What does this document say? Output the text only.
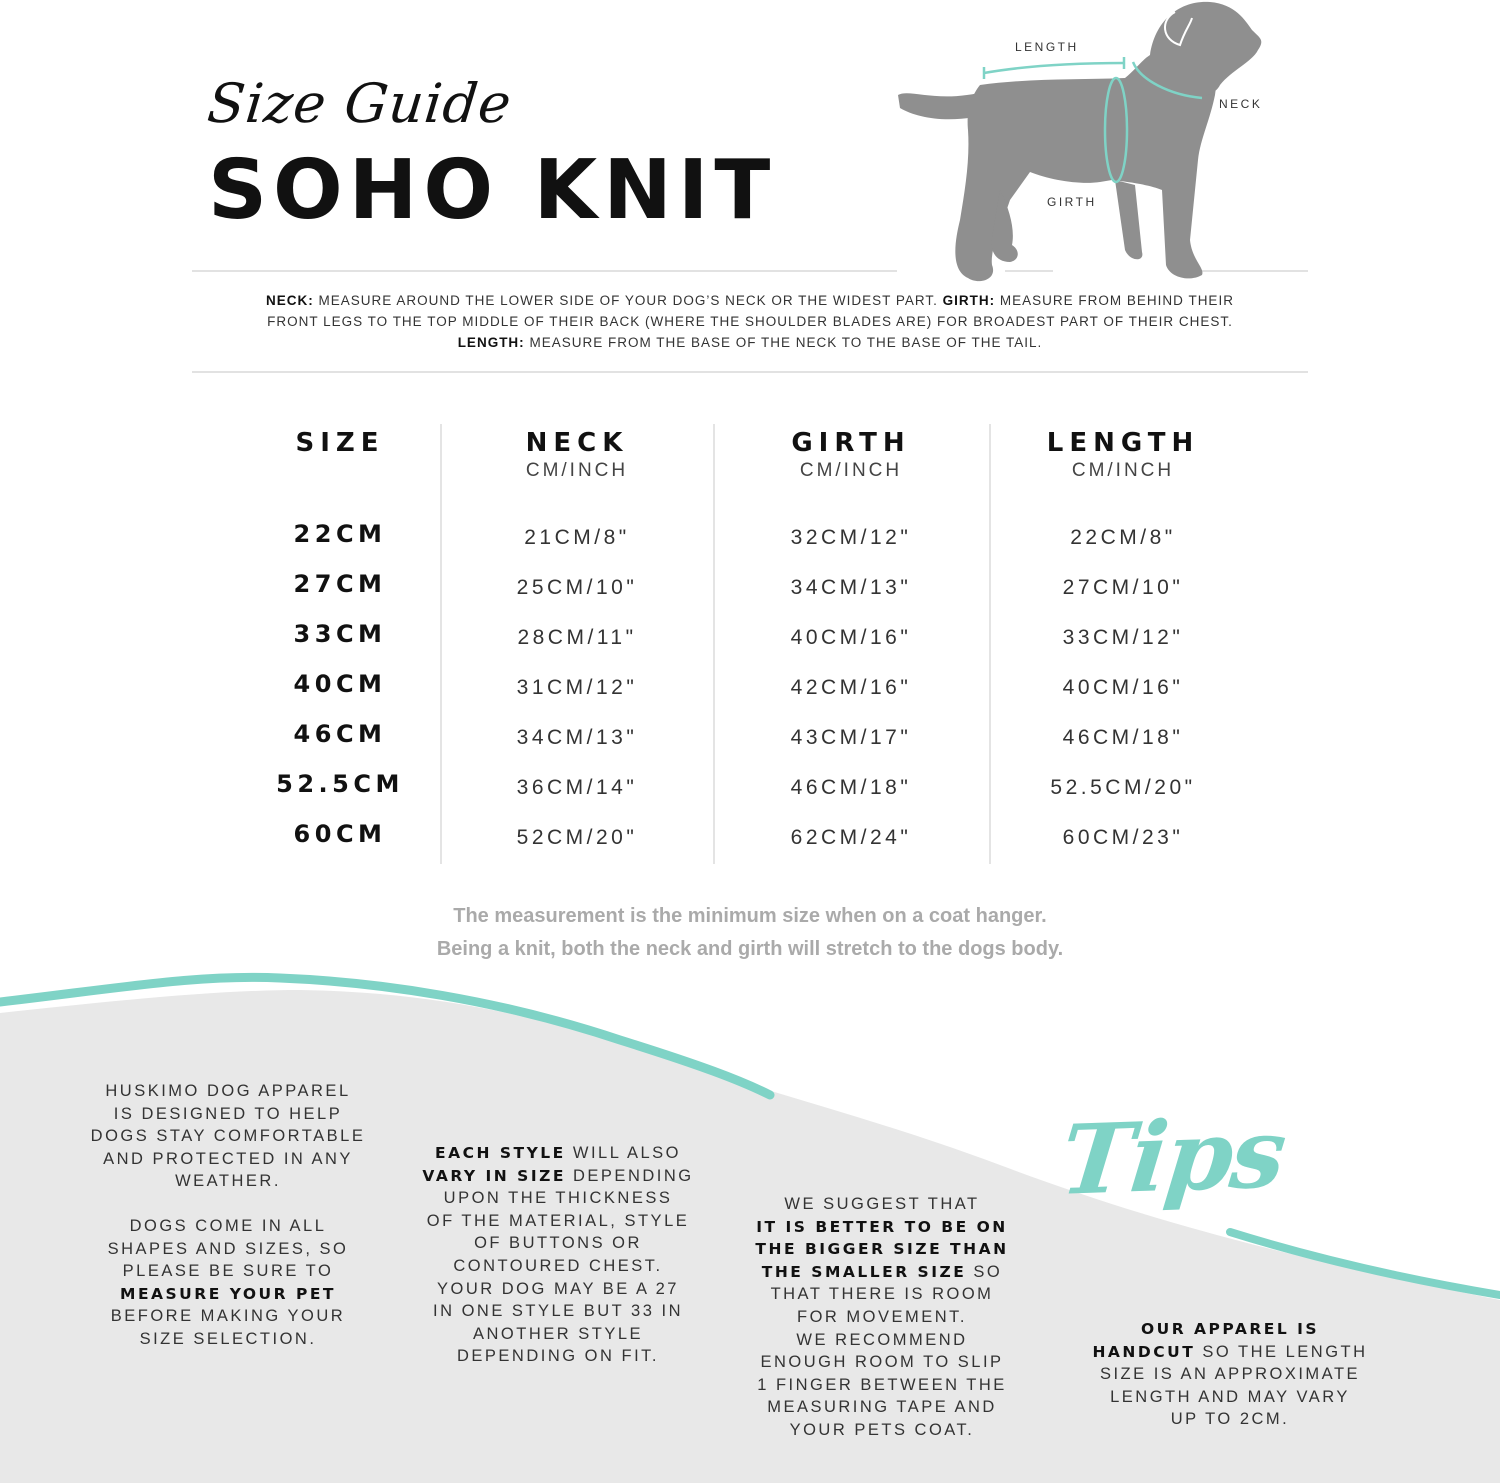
Size Guide
SOHO KNIT
LENGTH
NECK
GIRTH
NECK: MEASURE AROUND THE LOWER SIDE OF YOUR DOG’S NECK OR THE WIDEST PART. GIRTH: MEASURE FROM BEHIND THEIR
FRONT LEGS TO THE TOP MIDDLE OF THEIR BACK (WHERE THE SHOULDER BLADES ARE) FOR BROADEST PART OF THEIR CHEST.
LENGTH: MEASURE FROM THE BASE OF THE NECK TO THE BASE OF THE TAIL.
SIZE
22CM
27CM
33CM
40CM
46CM
52.5CM
60CM
NECK
CM/INCH
21CM/8"
25CM/10"
28CM/11"
31CM/12"
34CM/13"
36CM/14"
52CM/20"
GIRTH
CM/INCH
32CM/12"
34CM/13"
40CM/16"
42CM/16"
43CM/17"
46CM/18"
62CM/24"
LENGTH
CM/INCH
22CM/8"
27CM/10"
33CM/12"
40CM/16"
46CM/18"
52.5CM/20"
60CM/23"
The measurement is the minimum size when on a coat hanger.
Being a knit, both the neck and girth will stretch to the dogs body.
Tips
HUSKIMO DOG APPAREL
IS DESIGNED TO HELP
DOGS STAY COMFORTABLE
AND PROTECTED IN ANY
WEATHER.
DOGS COME IN ALL
SHAPES AND SIZES, SO
PLEASE BE SURE TO
MEASURE YOUR PET
BEFORE MAKING YOUR
SIZE SELECTION.
EACH STYLE WILL ALSO
VARY IN SIZE DEPENDING
UPON THE THICKNESS
OF THE MATERIAL, STYLE
OF BUTTONS OR
CONTOURED CHEST.
YOUR DOG MAY BE A 27
IN ONE STYLE BUT 33 IN
ANOTHER STYLE
DEPENDING ON FIT.
WE SUGGEST THAT
IT IS BETTER TO BE ON
THE BIGGER SIZE THAN
THE SMALLER SIZE SO
THAT THERE IS ROOM
FOR MOVEMENT.
WE RECOMMEND
ENOUGH ROOM TO SLIP
1 FINGER BETWEEN THE
MEASURING TAPE AND
YOUR PETS COAT.
OUR APPAREL IS
HANDCUT SO THE LENGTH
SIZE IS AN APPROXIMATE
LENGTH AND MAY VARY
UP TO 2CM.
